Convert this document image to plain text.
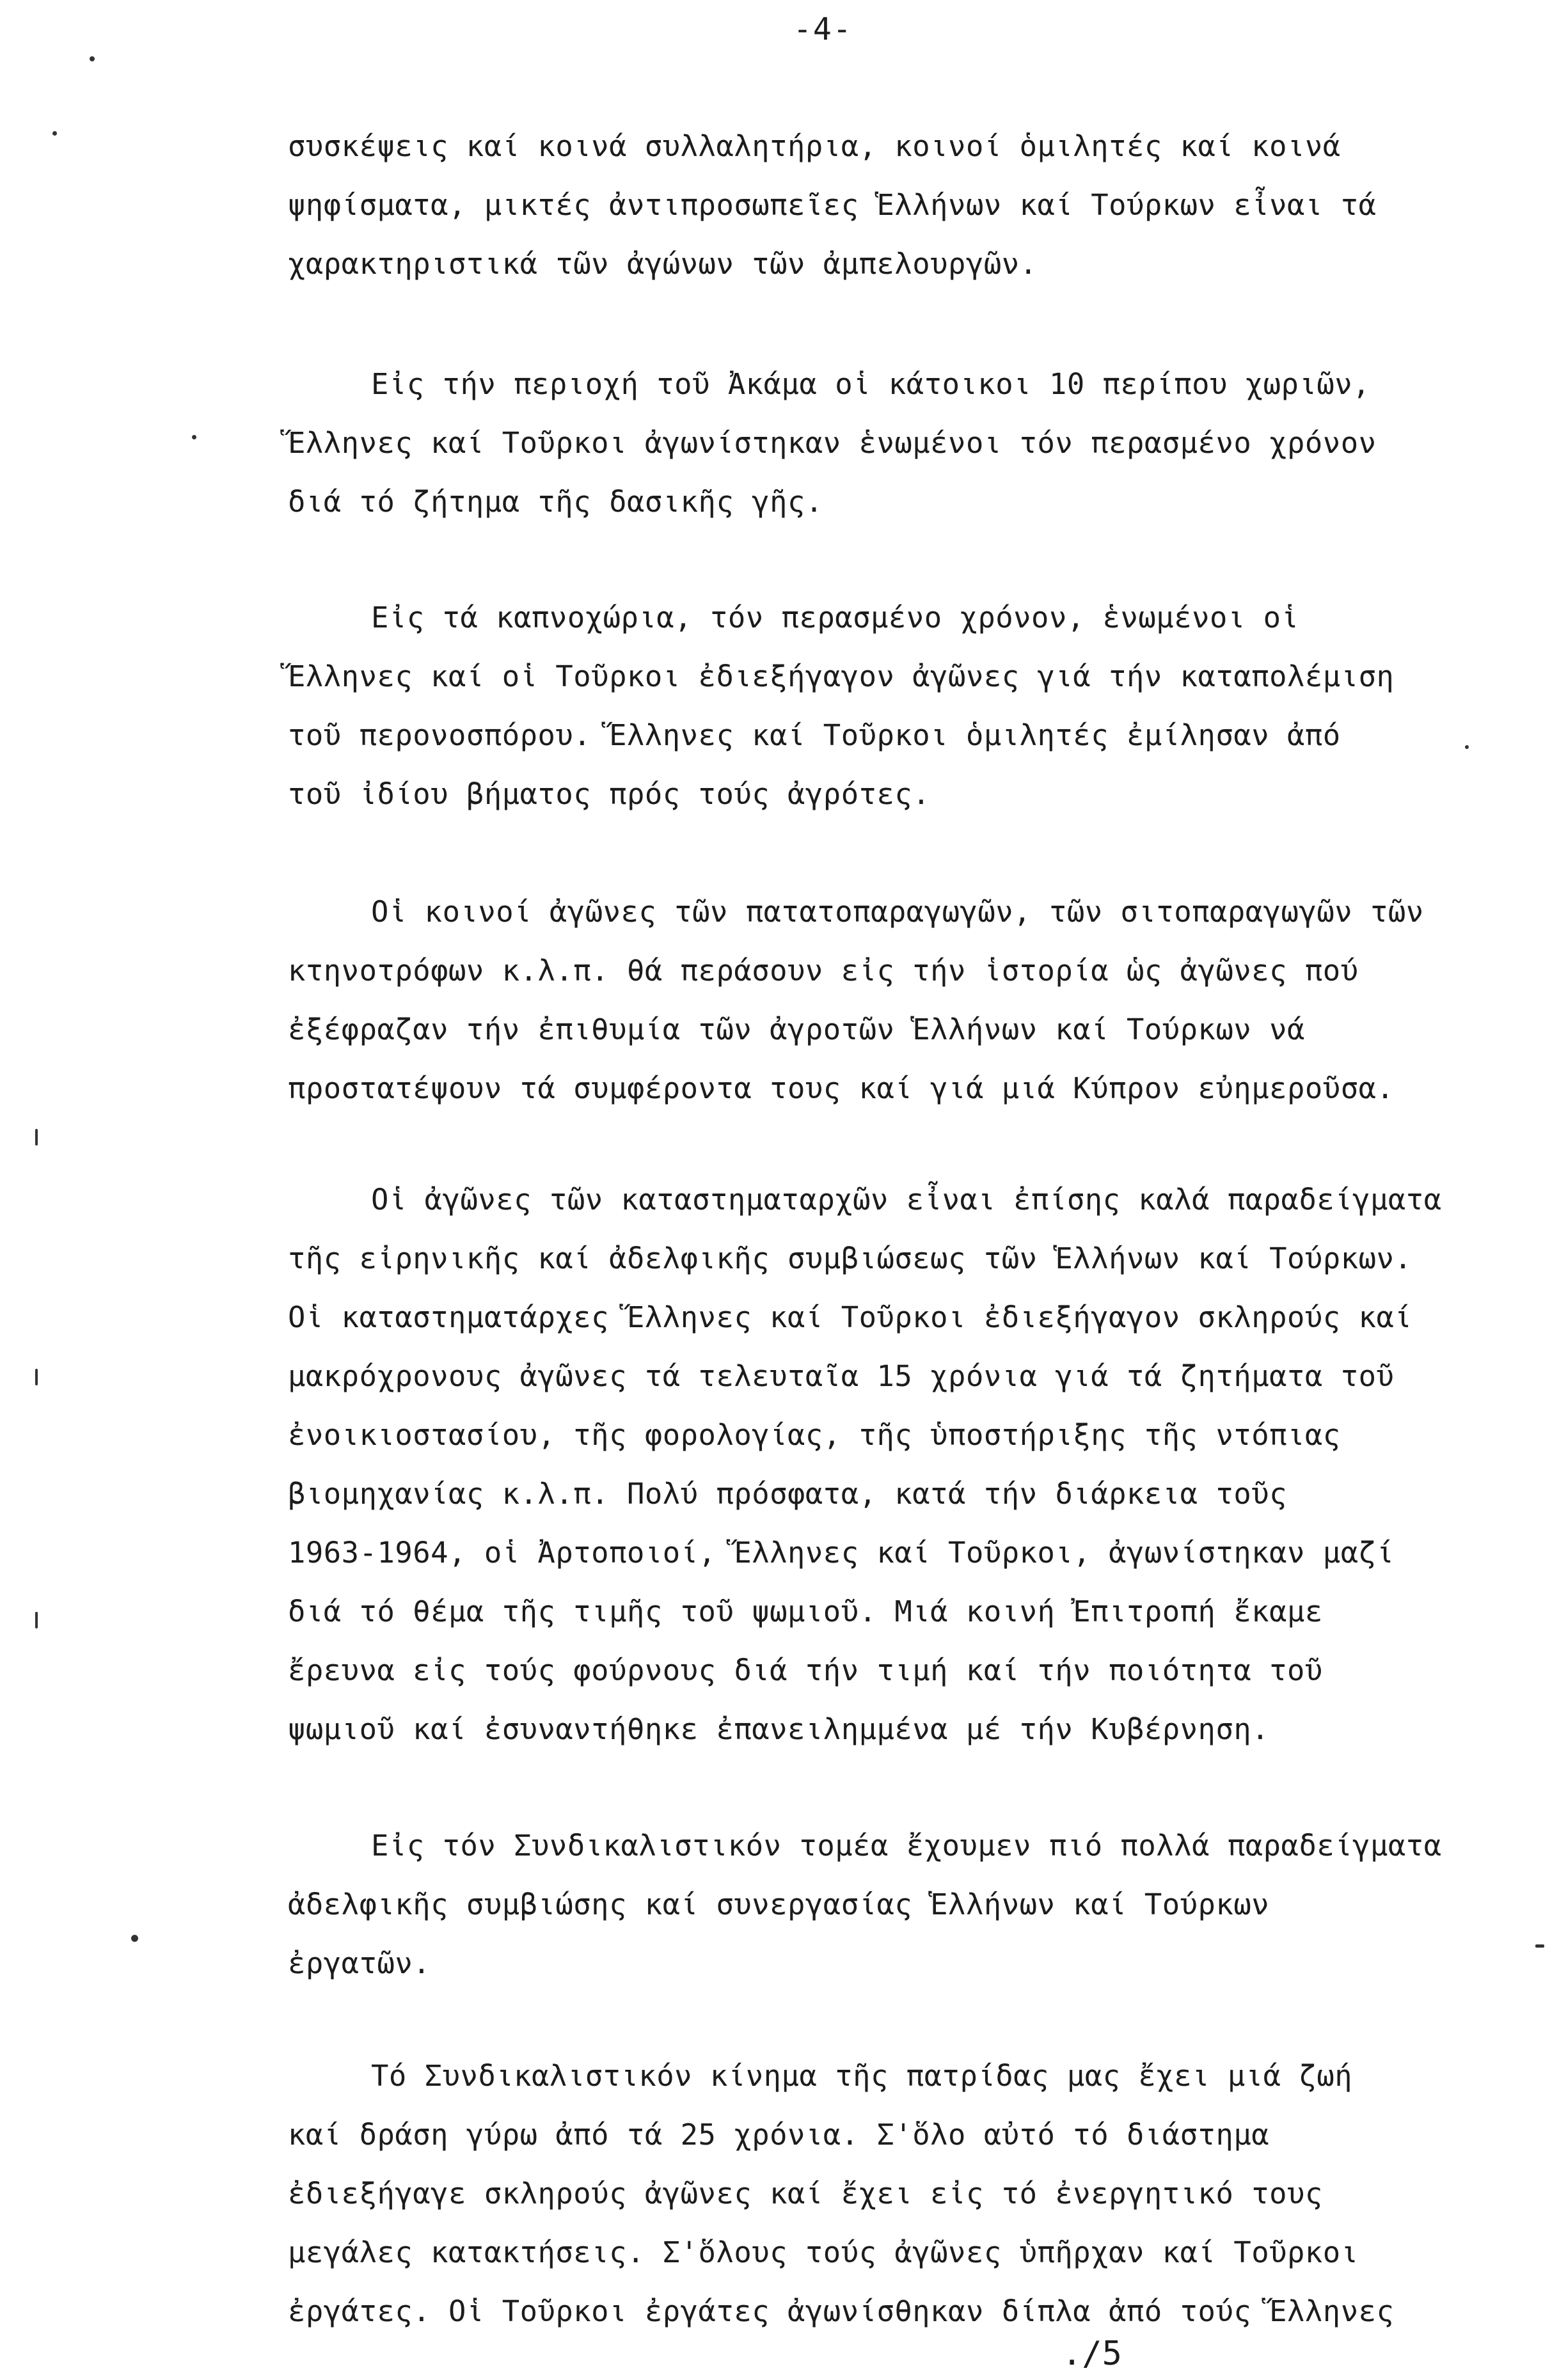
-4-
συσκέψεις καί κοινά συλλαλητήρια, κοινοί ὁμιλητές καί κοινά
ψηφίσματα, μικτές ἀντιπροσωπεῖες Ἑλλήνων καί Τούρκων εἶναι τά
χαρακτηριστικά τῶν ἀγώνων τῶν ἀμπελουργῶν.
Εἰς τήν περιοχή τοῦ Ἀκάμα οἱ κάτοικοι 10 περίπου χωριῶν,
Ἕλληνες καί Τοῦρκοι ἀγωνίστηκαν ἑνωμένοι τόν περασμένο χρόνον
διά τό ζήτημα τῆς δασικῆς γῆς.
Εἰς τά καπνοχώρια, τόν περασμένο χρόνον, ἑνωμένοι οἱ
Ἕλληνες καί οἱ Τοῦρκοι ἐδιεξήγαγον ἀγῶνες γιά τήν καταπολέμιση
τοῦ περονοσπόρου. Ἕλληνες καί Τοῦρκοι ὁμιλητές ἐμίλησαν ἀπό
τοῦ ἰδίου βήματος πρός τούς ἀγρότες.
Οἱ κοινοί ἀγῶνες τῶν πατατοπαραγωγῶν, τῶν σιτοπαραγωγῶν τῶν
κτηνοτρόφων κ.λ.π. θά περάσουν εἰς τήν ἱστορία ὡς ἀγῶνες πού
ἐξέφραζαν τήν ἐπιθυμία τῶν ἀγροτῶν Ἑλλήνων καί Τούρκων νά
προστατέψουν τά συμφέροντα τους καί γιά μιά Κύπρον εὐημεροῦσα.
Οἱ ἀγῶνες τῶν καταστηματαρχῶν εἶναι ἐπίσης καλά παραδείγματα
τῆς εἰρηνικῆς καί ἀδελφικῆς συμβιώσεως τῶν Ἑλλήνων καί Τούρκων.
Οἱ καταστηματάρχες Ἕλληνες καί Τοῦρκοι ἐδιεξήγαγον σκληρούς καί
μακρόχρονους ἀγῶνες τά τελευταῖα 15 χρόνια γιά τά ζητήματα τοῦ
ἐνοικιοστασίου, τῆς φορολογίας, τῆς ὑποστήριξης τῆς ντόπιας
βιομηχανίας κ.λ.π. Πολύ πρόσφατα, κατά τήν διάρκεια τοῦς
1963-1964, οἱ Ἀρτοποιοί, Ἕλληνες καί Τοῦρκοι, ἀγωνίστηκαν μαζί
διά τό θέμα τῆς τιμῆς τοῦ ψωμιοῦ. Μιά κοινή Ἐπιτροπή ἔκαμε
ἔρευνα εἰς τούς φούρνους διά τήν τιμή καί τήν ποιότητα τοῦ
ψωμιοῦ καί ἐσυναντήθηκε ἐπανειλημμένα μέ τήν Κυβέρνηση.
Εἰς τόν Συνδικαλιστικόν τομέα ἔχουμεν πιό πολλά παραδείγματα
ἀδελφικῆς συμβιώσης καί συνεργασίας Ἑλλήνων καί Τούρκων
ἐργατῶν.
Τό Συνδικαλιστικόν κίνημα τῆς πατρίδας μας ἔχει μιά ζωή
καί δράση γύρω ἀπό τά 25 χρόνια. Σ'ὅλο αὐτό τό διάστημα
ἐδιεξήγαγε σκληρούς ἀγῶνες καί ἔχει εἰς τό ἐνεργητικό τους
μεγάλες κατακτήσεις. Σ'ὅλους τούς ἀγῶνες ὑπῆρχαν καί Τοῦρκοι
ἐργάτες. Οἱ Τοῦρκοι ἐργάτες ἀγωνίσθηκαν δίπλα ἀπό τούς Ἕλληνες
./5
